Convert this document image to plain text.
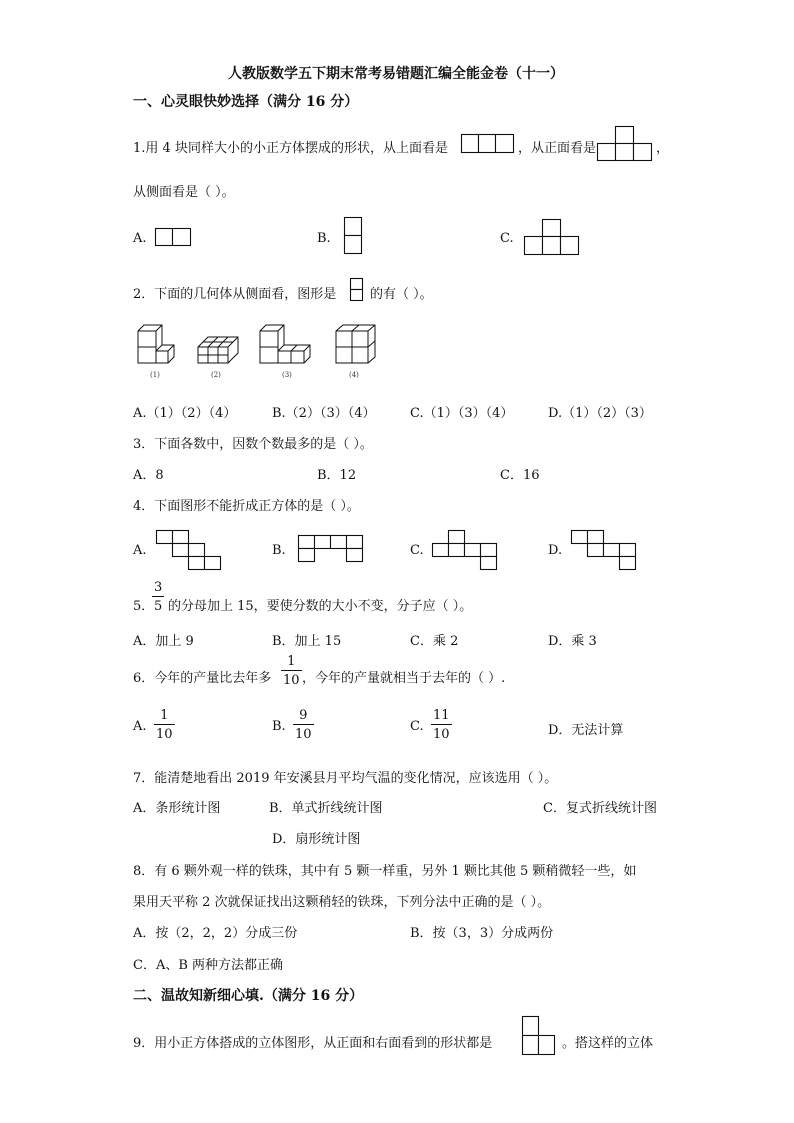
人教版数学五下期末常考易错题汇编全能金卷（十一）
一、心灵眼快妙选择（满分 16 分）
1.用 4 块同样大小的小正方体摆成的形状，从上面看是	，从正面看是	，
从侧面看是（ ）。
A.	B.	C.
2．下面的几何体从侧面看，图形是	的有（ ）。
(1)	(2)	(3)	(4)
A.（1）（2）（4）	B.（2）（3）（4）	C.（1）（3）（4）	D.（1）（2）（3）
3．下面各数中，因数个数最多的是（ ）。
A．8	B．12	C．16
4．下面图形不能折成正方体的是（ ）。
A.	B.	C.	D.
5．
3
5 的分母加上 15，要使分数的大小不变，分子应（ ）。
A．加上 9	B．加上 15	C．乘 2	D．乘 3
6．今年的产量比去年多
1
10 ，今年的产量就相当于去年的（ ）.
A.
1
10
B.
9
10
C.
11
10	D．无法计算
7．能清楚地看出 2019 年安溪县月平均气温的变化情况，应该选用（ ）。
A．条形统计图	B．单式折线统计图	C．复式折线统计图
D．扇形统计图
8．有 6 颗外观一样的铁珠，其中有 5 颗一样重，另外 1 颗比其他 5 颗稍微轻一些，如
果用天平称 2 次就保证找出这颗稍轻的铁珠，下列分法中正确的是（ ）。
A．按（2，2，2）分成三份	B．按（3，3）分成两份
C．A、B 两种方法都正确
二、温故知新细心填.（满分 16 分）
9．用小正方体搭成的立体图形，从正面和右面看到的形状都是	。搭这样的立体
